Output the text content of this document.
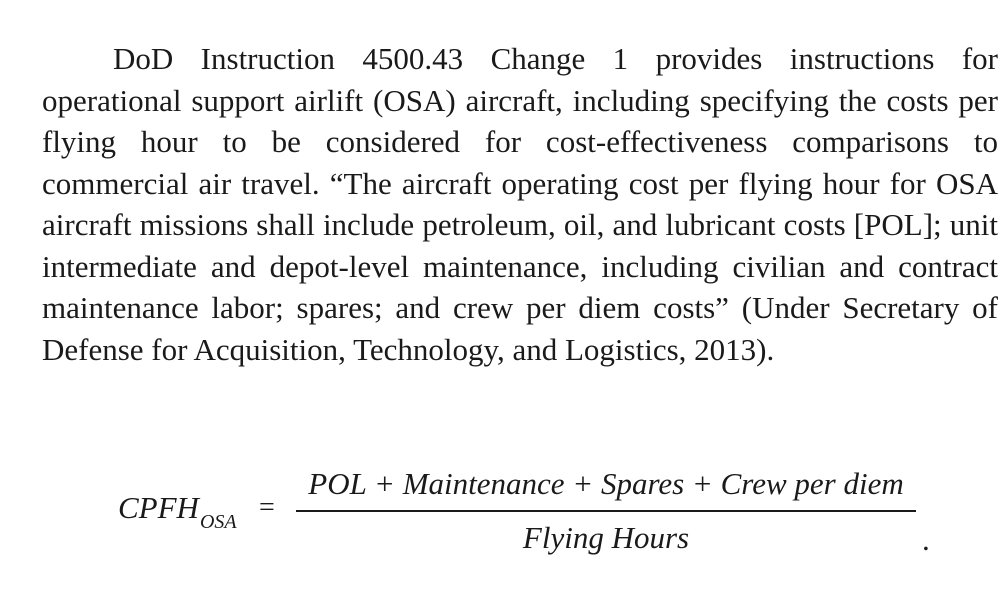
DoD Instruction 4500.43 Change 1 provides instructions for operational support airlift (OSA) aircraft, including specifying the costs per flying hour to be considered for cost-effectiveness comparisons to commercial air travel. “The aircraft operating cost per flying hour for OSA aircraft missions shall include petroleum, oil, and lubricant costs [POL]; unit intermediate and depot-level maintenance, including civilian and contract maintenance labor; spares; and crew per diem costs” (Under Secretary of Defense for Acquisition, Technology, and Logistics, 2013).

$CPFH_{OSA}$ =
POL + Maintenance + Spares + Crew per diem
Flying Hours	.
